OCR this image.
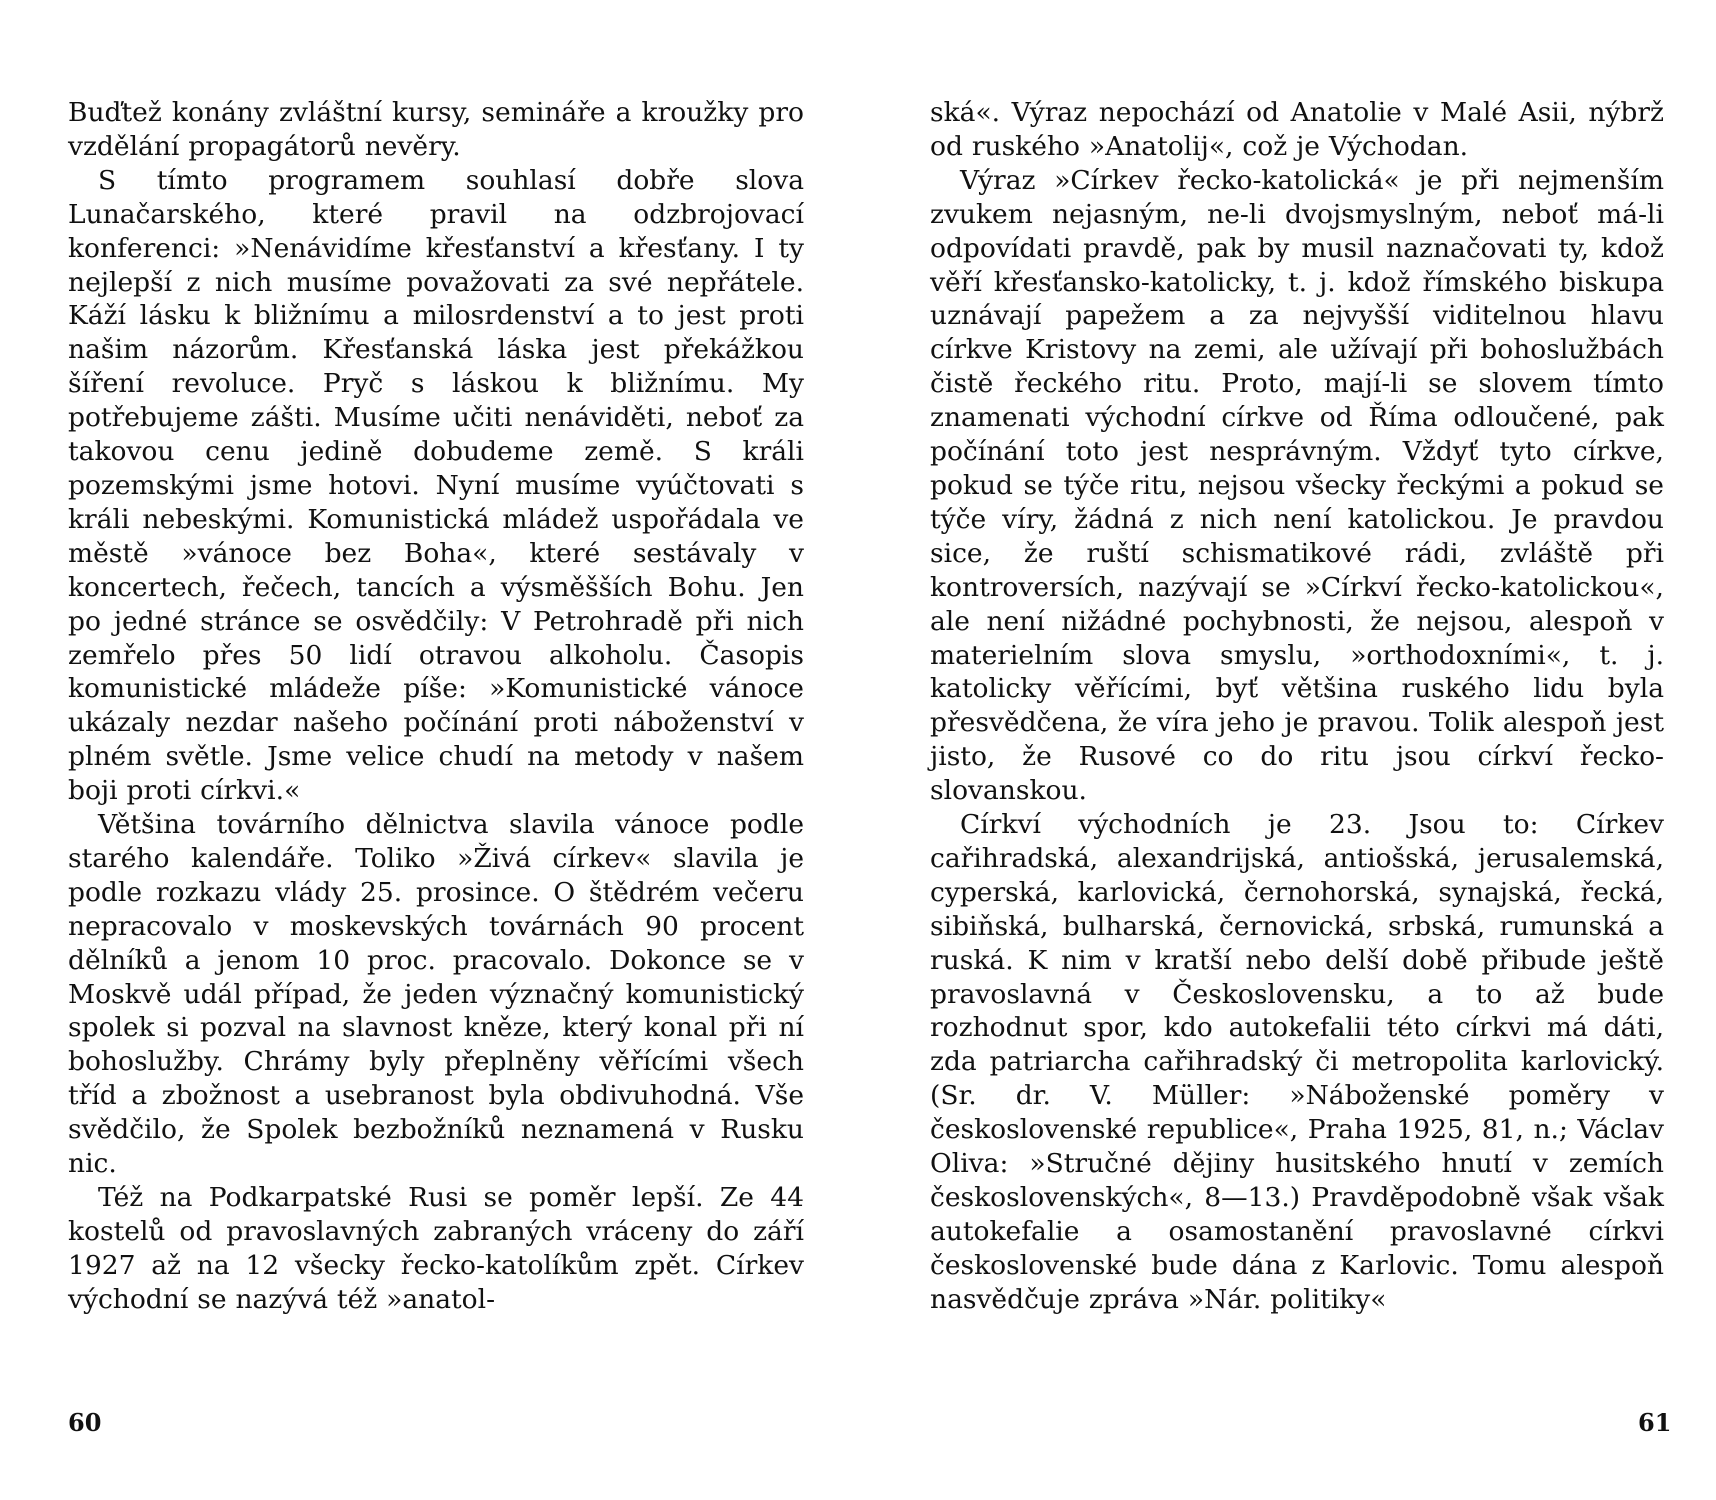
Buďtež konány zvláštní kursy, semináře a kroužky pro vzdělání propagátorů nevěry.

S tímto programem souhlasí dobře slova Lunačarského, které pravil na odzbrojovací konferenci: »Nenávidíme křesťanství a křesťany. I ty nejlepší z nich musíme považovati za své nepřátele. Káží lásku k bližnímu a milosrdenství a to jest proti našim názorům. Křesťanská láska jest překážkou šíření revoluce. Pryč s láskou k bližnímu. My potřebujeme zášti. Musíme učiti nenáviděti, neboť za takovou cenu jedině dobudeme země. S králi pozemskými jsme hotovi. Nyní musíme vyúčtovati s králi nebeskými. Komunistická mládež uspořádala ve městě »vánoce bez Boha«, které sestávaly v koncertech, řečech, tancích a výsměšších Bohu. Jen po jedné stránce se osvědčily: V Petrohradě při nich zemřelo přes 50 lidí otravou alkoholu. Časopis komunistické mládeže píše: »Komunistické vánoce ukázaly nezdar našeho počínání proti náboženství v plném světle. Jsme velice chudí na metody v našem boji proti církvi.«

Většina továrního dělnictva slavila vánoce podle starého kalendáře. Toliko »Živá církev« slavila je podle rozkazu vlády 25. prosince. O štědrém večeru nepracovalo v moskevských továrnách 90 procent dělníků a jenom 10 proc. pracovalo. Dokonce se v Moskvě udál případ, že jeden význačný komunistický spolek si pozval na slavnost kněze, který konal při ní bohoslužby. Chrámy byly přeplněny věřícími všech tříd a zbožnost a usebranost byla obdivuhodná. Vše svědčilo, že Spolek bezbožníků neznamená v Rusku nic.

Též na Podkarpatské Rusi se poměr lepší. Ze 44 kostelů od pravoslavných zabraných vráceny do září 1927 až na 12 všecky řecko-katolíkům zpět. Církev východní se nazývá též »anatol-

60

ská«. Výraz nepochází od Anatolie v Malé Asii, nýbrž od ruského »Anatolij«, což je Východan.

Výraz »Církev řecko-katolická« je při nejmenším zvukem nejasným, ne-li dvojsmyslným, neboť má-li odpovídati pravdě, pak by musil naznačovati ty, kdož věří křesťansko-katolicky, t. j. kdož římského biskupa uznávají papežem a za nejvyšší viditelnou hlavu církve Kristovy na zemi, ale užívají při bohoslužbách čistě řeckého ritu. Proto, mají-li se slovem tímto znamenati východní církve od Říma odloučené, pak počínání toto jest nesprávným. Vždyť tyto církve, pokud se týče ritu, nejsou všecky řeckými a pokud se týče víry, žádná z nich není katolickou. Je pravdou sice, že ruští schismatikové rádi, zvláště při kontroversích, nazývají se »Církví řecko-katolickou«, ale není nižádné pochybnosti, že nejsou, alespoň v materielním slova smyslu, »orthodoxními«, t. j. katolicky věřícími, byť většina ruského lidu byla přesvědčena, že víra jeho je pravou. Tolik alespoň jest jisto, že Rusové co do ritu jsou církví řecko-slovanskou.

Církví východních je 23. Jsou to: Církev cařihradská, alexandrijská, antiošská, jerusalemská, cyperská, karlovická, černohorská, synajská, řecká, sibiňská, bulharská, černovická, srbská, rumunská a ruská. K nim v kratší nebo delší době přibude ještě pravoslavná v Československu, a to až bude rozhodnut spor, kdo autokefalii této církvi má dáti, zda patriarcha cařihradský či metropolita karlovický. (Sr. dr. V. Müller: »Náboženské poměry v československé republice«, Praha 1925, 81, n.; Václav Oliva: »Stručné dějiny husitského hnutí v zemích československých«, 8—13.) Pravděpodobně však však autokefalie a osamostanění pravoslavné církvi československé bude dána z Karlovic. Tomu alespoň nasvědčuje zpráva »Nár. politiky«

61
